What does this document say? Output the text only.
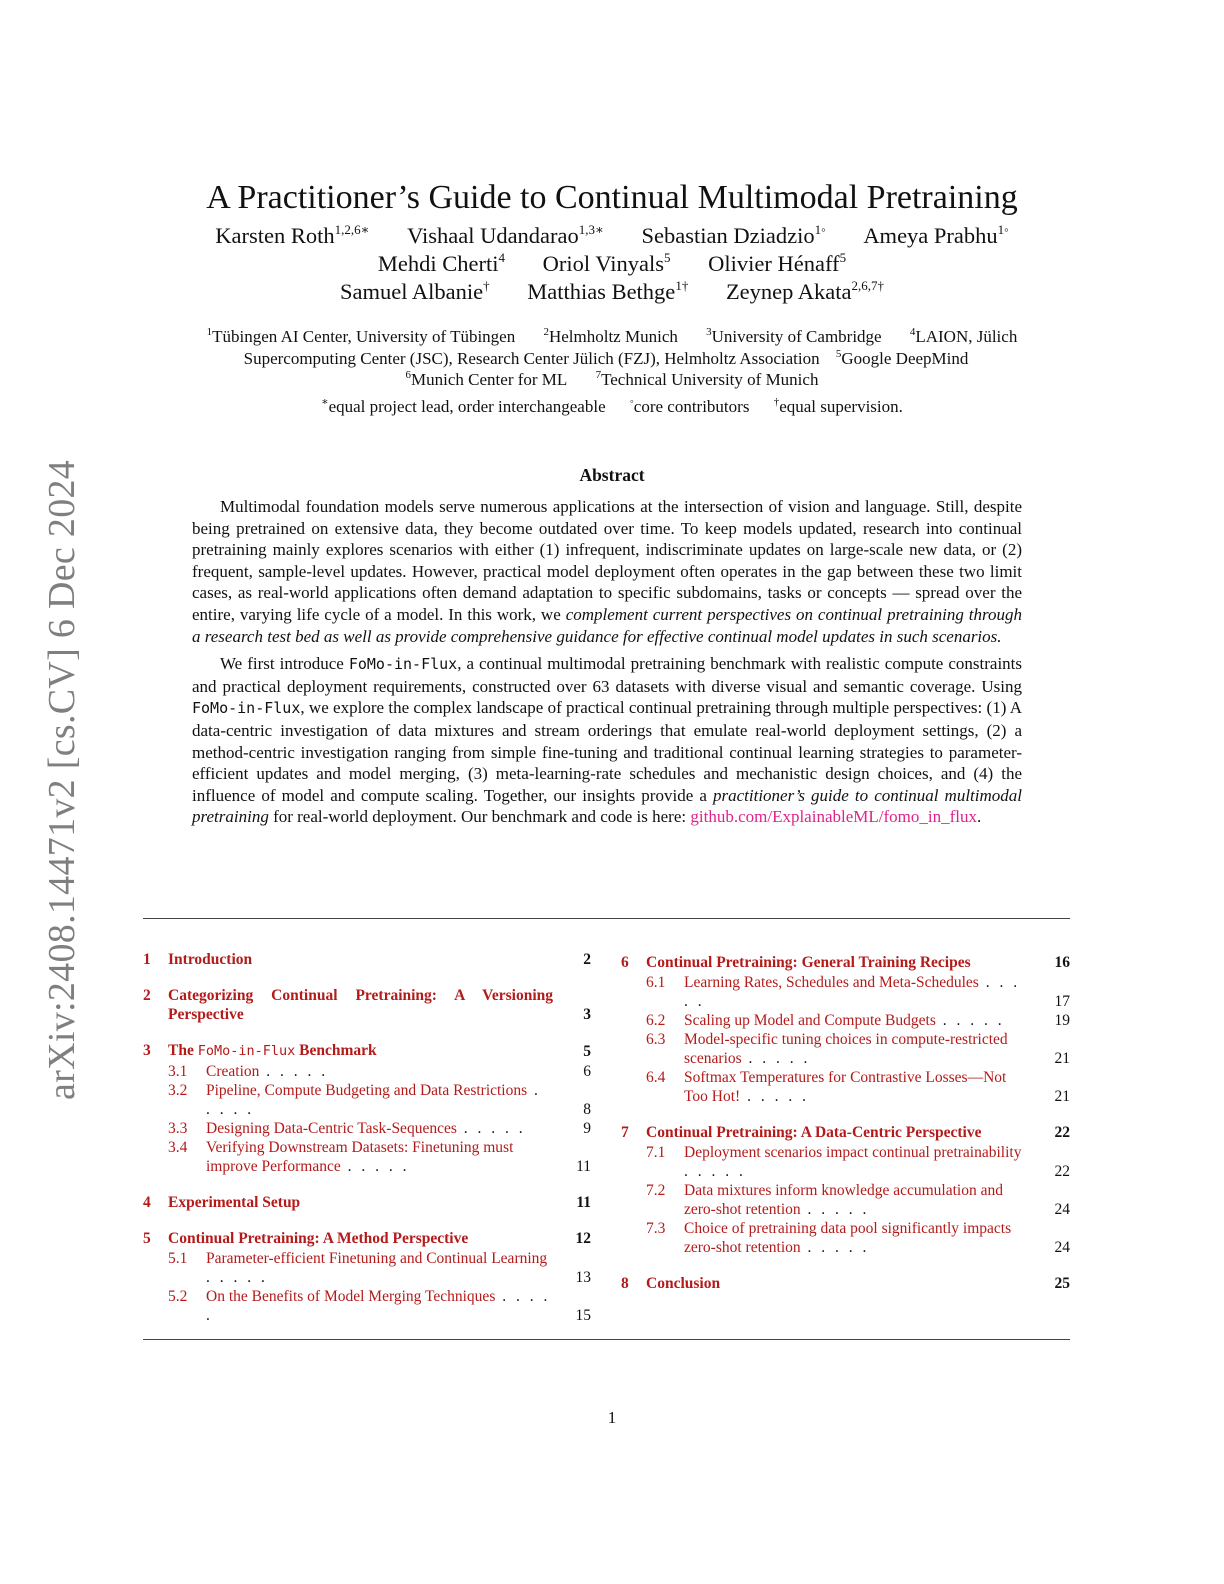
arXiv:2408.14471v2 [cs.CV] 6 Dec 2024
A Practitioner’s Guide to Continual Multimodal Pretraining
Karsten Roth$^{1,2,6∗}$ Vishaal Udandarao$^{1,3∗}$ Sebastian Dziadzio$^{1◦}$ Ameya Prabhu$^{1◦}$
Mehdi Cherti$^4$ Oriol Vinyals$^5$ Olivier Hénaff$^5$
Samuel Albanie† Matthias Bethge$^{1\dagger}$ Zeynep Akata$^{2,6,7\dagger}$
$^1$Tübingen AI Center, University of Tübingen	$^2$Helmholtz Munich	$^3$University of Cambridge	$^4$LAION, Jülich
Supercomputing Center (JSC), Research Center Jülich (FZJ), Helmholtz Association $^5$Google DeepMind
$^6$Munich Center for ML	$^7$Technical University of Munich
∗equal project lead, order interchangeable ◦core contributors †equal supervision.
Abstract

Multimodal foundation models serve numerous applications at the intersection of vision and language. Still, despite being pretrained on extensive data, they become outdated over time. To keep models updated, research into continual pretraining mainly explores scenarios with either (1) infrequent, indiscriminate updates on large-scale new data, or (2) frequent, sample-level updates. However, practical model deployment often operates in the gap between these two limit cases, as real-world applications often demand adaptation to specific subdomains, tasks or concepts — spread over the entire, varying life cycle of a model. In this work, we complement current perspectives on continual pretraining through a research test bed as well as provide comprehensive guidance for effective continual model updates in such scenarios.

We first introduce FoMo-in-Flux, a continual multimodal pretraining benchmark with realistic compute constraints and practical deployment requirements, constructed over 63 datasets with diverse visual and semantic coverage. Using FoMo-in-Flux, we explore the complex landscape of practical continual pretraining through multiple perspectives: (1) A data-centric investigation of data mixtures and stream orderings that emulate real-world deployment settings, (2) a method-centric investigation ranging from simple fine-tuning and traditional continual learning strategies to parameter-efficient updates and model merging, (3) meta-learning-rate schedules and mechanistic design choices, and (4) the influence of model and compute scaling. Together, our insights provide a practitioner’s guide to continual multimodal pretraining for real-world deployment. Our benchmark and code is here: github.com/ExplainableML/fomo_in_flux.

1	Introduction	2
2	Categorizing Continual Pretraining: A Versioning Perspective	3
3	The FoMo-in-Flux Benchmark	5
3.1	Creation . . . . .	6
3.2	Pipeline, Compute Budgeting and Data Restrictions . . . . .	8
3.3	Designing Data-Centric Task-Sequences . . . . .	9
3.4	Verifying Downstream Datasets: Finetuning must improve Performance . . . . .	11
4	Experimental Setup	11
5	Continual Pretraining: A Method Perspective	12
5.1	Parameter-efficient Finetuning and Continual Learning . . . . .	13
5.2	On the Benefits of Model Merging Techniques . . . . .	15
6	Continual Pretraining: General Training Recipes	16
6.1	Learning Rates, Schedules and Meta-Schedules . . . . .	17
6.2	Scaling up Model and Compute Budgets . . . . .	19
6.3	Model-specific tuning choices in compute-restricted scenarios . . . . .	21
6.4	Softmax Temperatures for Contrastive Losses—Not Too Hot! . . . . .	21
7	Continual Pretraining: A Data-Centric Perspective	22
7.1	Deployment scenarios impact continual pretrainability . . . . .	22
7.2	Data mixtures inform knowledge accumulation and zero-shot retention . . . . .	24
7.3	Choice of pretraining data pool significantly impacts zero-shot retention . . . . .	24
8	Conclusion	25
1
